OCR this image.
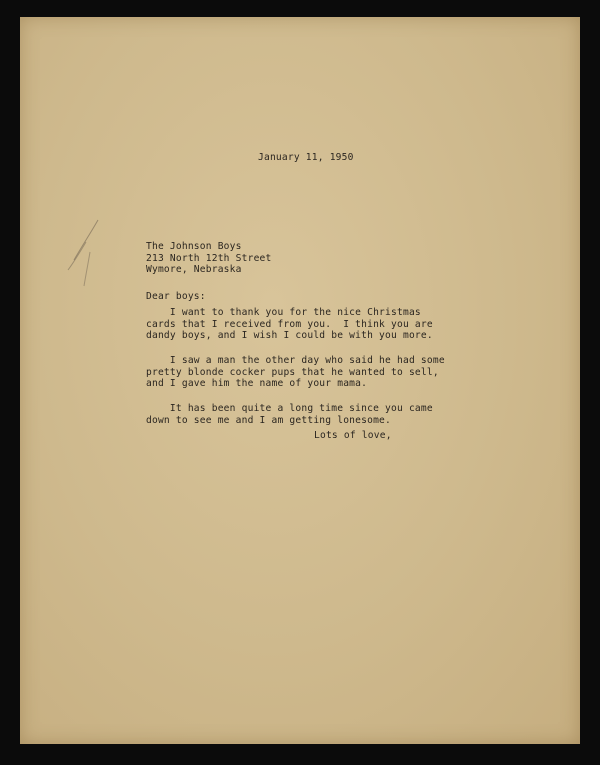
January 11, 1950
The Johnson Boys
213 North 12th Street
Wymore, Nebraska
Dear boys:
I want to thank you for the nice Christmas
cards that I received from you.  I think you are
dandy boys, and I wish I could be with you more.
I saw a man the other day who said he had some
pretty blonde cocker pups that he wanted to sell,
and I gave him the name of your mama.
It has been quite a long time since you came
down to see me and I am getting lonesome.
Lots of love,
